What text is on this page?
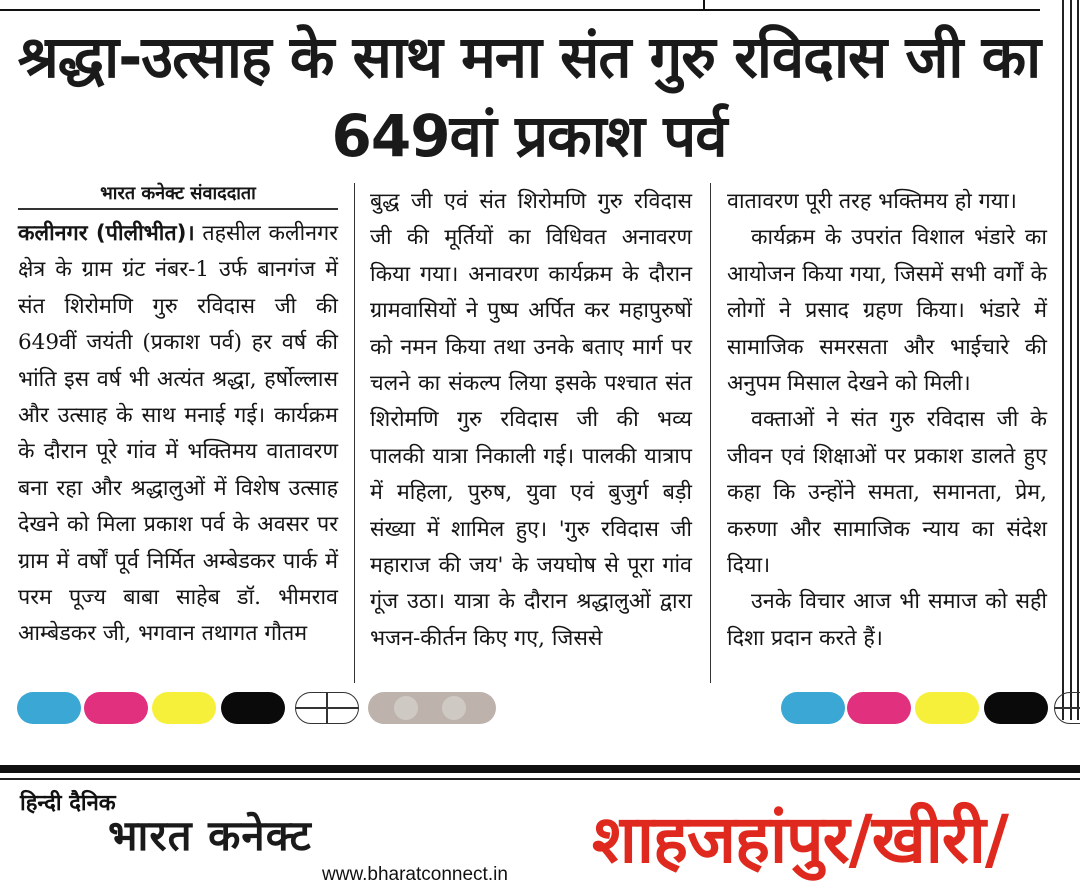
श्रद्धा-उत्साह के साथ मना संत गुरु रविदास जी का 649वां प्रकाश पर्व
भारत कनेक्ट संवाददाता

कलीनगर (पीलीभीत)। तहसील कलीनगर क्षेत्र के ग्राम ग्रंट नंबर-1 उर्फ बानगंज में संत शिरोमणि गुरु रविदास जी की 649वीं जयंती (प्रकाश पर्व) हर वर्ष की भांति इस वर्ष भी अत्यंत श्रद्धा, हर्षोल्लास और उत्साह के साथ मनाई गई। कार्यक्रम के दौरान पूरे गांव में भक्तिमय वातावरण बना रहा और श्रद्धालुओं में विशेष उत्साह देखने को मिला प्रकाश पर्व के अवसर पर ग्राम में वर्षों पूर्व निर्मित अम्बेडकर पार्क में परम पूज्य बाबा साहेब डॉ. भीमराव आम्बेडकर जी, भगवान तथागत गौतम

बुद्ध जी एवं संत शिरोमणि गुरु रविदास जी की मूर्तियों का विधिवत अनावरण किया गया। अनावरण कार्यक्रम के दौरान ग्रामवासियों ने पुष्प अर्पित कर महापुरुषों को नमन किया तथा उनके बताए मार्ग पर चलने का संकल्प लिया इसके पश्चात संत शिरोमणि गुरु रविदास जी की भव्य पालकी यात्रा निकाली गई। पालकी यात्राप में महिला, पुरुष, युवा एवं बुजुर्ग बड़ी संख्या में शामिल हुए। 'गुरु रविदास जी महाराज की जय' के जयघोष से पूरा गांव गूंज उठा। यात्रा के दौरान श्रद्धालुओं द्वारा भजन-कीर्तन किए गए, जिससे

वातावरण पूरी तरह भक्तिमय हो गया।

कार्यक्रम के उपरांत विशाल भंडारे का आयोजन किया गया, जिसमें सभी वर्गों के लोगों ने प्रसाद ग्रहण किया। भंडारे में सामाजिक समरसता और भाईचारे की अनुपम मिसाल देखने को मिली।

वक्ताओं ने संत गुरु रविदास जी के जीवन एवं शिक्षाओं पर प्रकाश डालते हुए कहा कि उन्होंने समता, समानता, प्रेम, करुणा और सामाजिक न्याय का संदेश दिया।

उनके विचार आज भी समाज को सही दिशा प्रदान करते हैं।

हिन्दी दैनिक
भारत कनेक्ट
www.bharatconnect.in शाहजहांपुर/खीरी/
